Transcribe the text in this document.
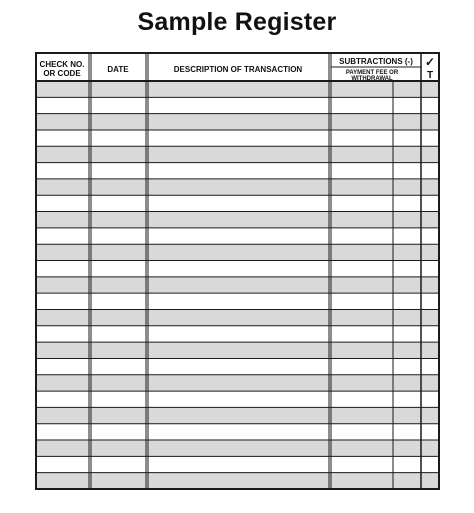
Sample Register
CHECK NO.
OR CODE	DATE	DESCRIPTION OF TRANSACTION
SUBTRACTIONS (-)
PAYMENT FEE OR
WITHDRAWAL
✓
T
